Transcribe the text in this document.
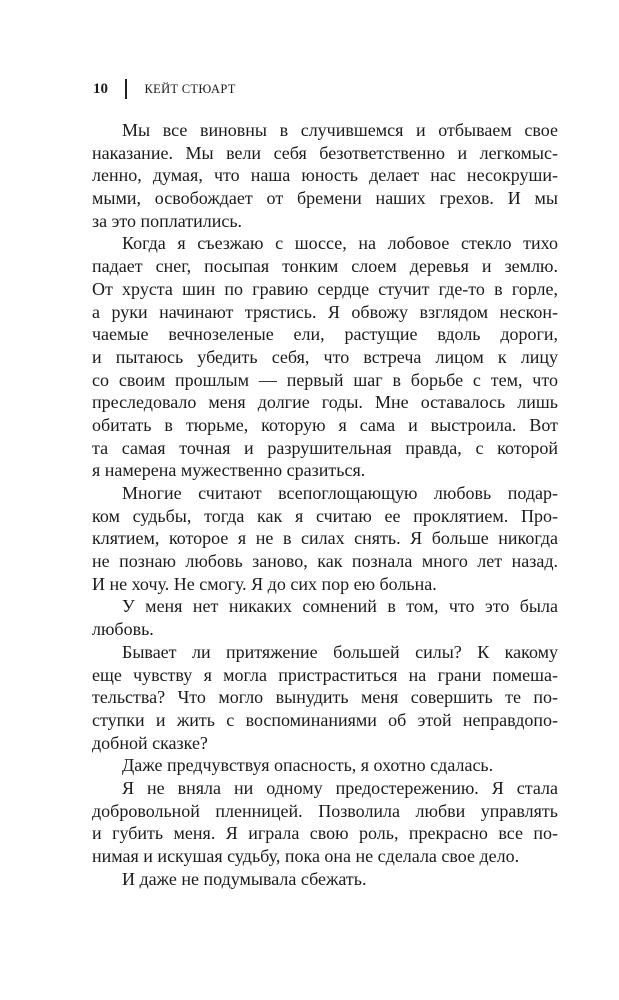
10	КЕЙТ СТЮАРТ
Мы все виновны в случившемся и отбываем свое
наказание. Мы вели себя безответственно и легкомыс-
ленно, думая, что наша юность делает нас несокруши-
мыми, освобождает от бремени наших грехов. И мы
за это поплатились.
Когда я съезжаю с шоссе, на лобовое стекло тихо
падает снег, посыпая тонким слоем деревья и землю.
От хруста шин по гравию сердце стучит где-то в горле,
а руки начинают трястись. Я обвожу взглядом нескон-
чаемые вечнозеленые ели, растущие вдоль дороги,
и пытаюсь убедить себя, что встреча лицом к лицу
со своим прошлым — первый шаг в борьбе с тем, что
преследовало меня долгие годы. Мне оставалось лишь
обитать в тюрьме, которую я сама и выстроила. Вот
та самая точная и разрушительная правда, с которой
я намерена мужественно сразиться.
Многие считают всепоглощающую любовь подар-
ком судьбы, тогда как я считаю ее проклятием. Про-
клятием, которое я не в силах снять. Я больше никогда
не познаю любовь заново, как познала много лет назад.
И не хочу. Не смогу. Я до сих пор ею больна.
У меня нет никаких сомнений в том, что это была
любовь.
Бывает ли притяжение большей силы? К какому
еще чувству я могла пристраститься на грани помеша-
тельства? Что могло вынудить меня совершить те по-
ступки и жить с воспоминаниями об этой неправдопо-
добной сказке?
Даже предчувствуя опасность, я охотно сдалась.
Я не вняла ни одному предостережению. Я стала
добровольной пленницей. Позволила любви управлять
и губить меня. Я играла свою роль, прекрасно все по-
нимая и искушая судьбу, пока она не сделала свое дело.
И даже не подумывала сбежать.
